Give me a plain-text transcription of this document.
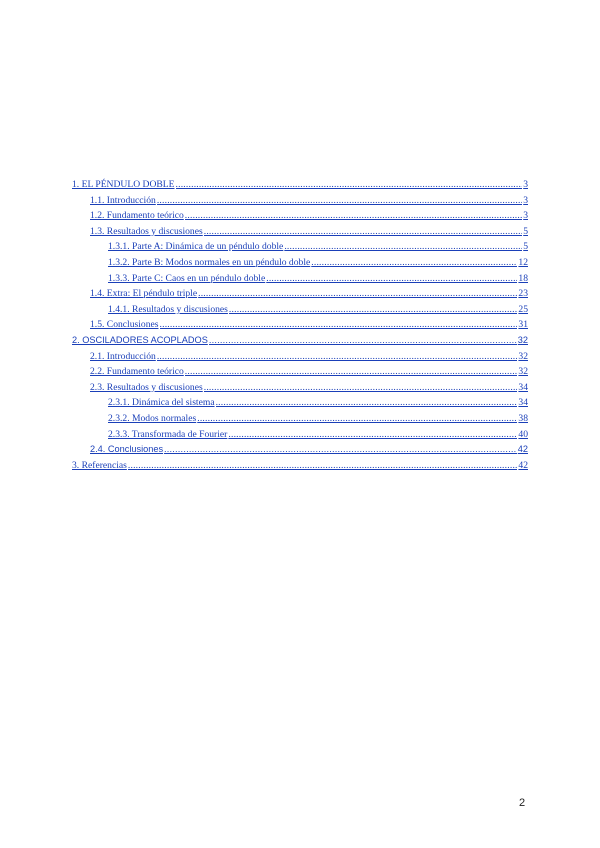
1. EL PÉNDULO DOBLE .....	3
1.1. Introducción .....	3
1.2. Fundamento teórico .....	3
1.3. Resultados y discusiones .....	5
1.3.1. Parte A: Dinámica de un péndulo doble .....	5
1.3.2. Parte B: Modos normales en un péndulo doble .....	12
1.3.3. Parte C: Caos en un péndulo doble .....	18
1.4. Extra: El péndulo triple .....	23
1.4.1. Resultados y discusiones .....	25
1.5. Conclusiones .....	31
2. OSCILADORES ACOPLADOS .....	32
2.1. Introducción .....	32
2.2. Fundamento teórico .....	32
2.3. Resultados y discusiones .....	34
2.3.1. Dinámica del sistema .....	34
2.3.2. Modos normales .....	38
2.3.3. Transformada de Fourier .....	40
2.4. Conclusiones .....	42
3. Referencias .....	42
2
